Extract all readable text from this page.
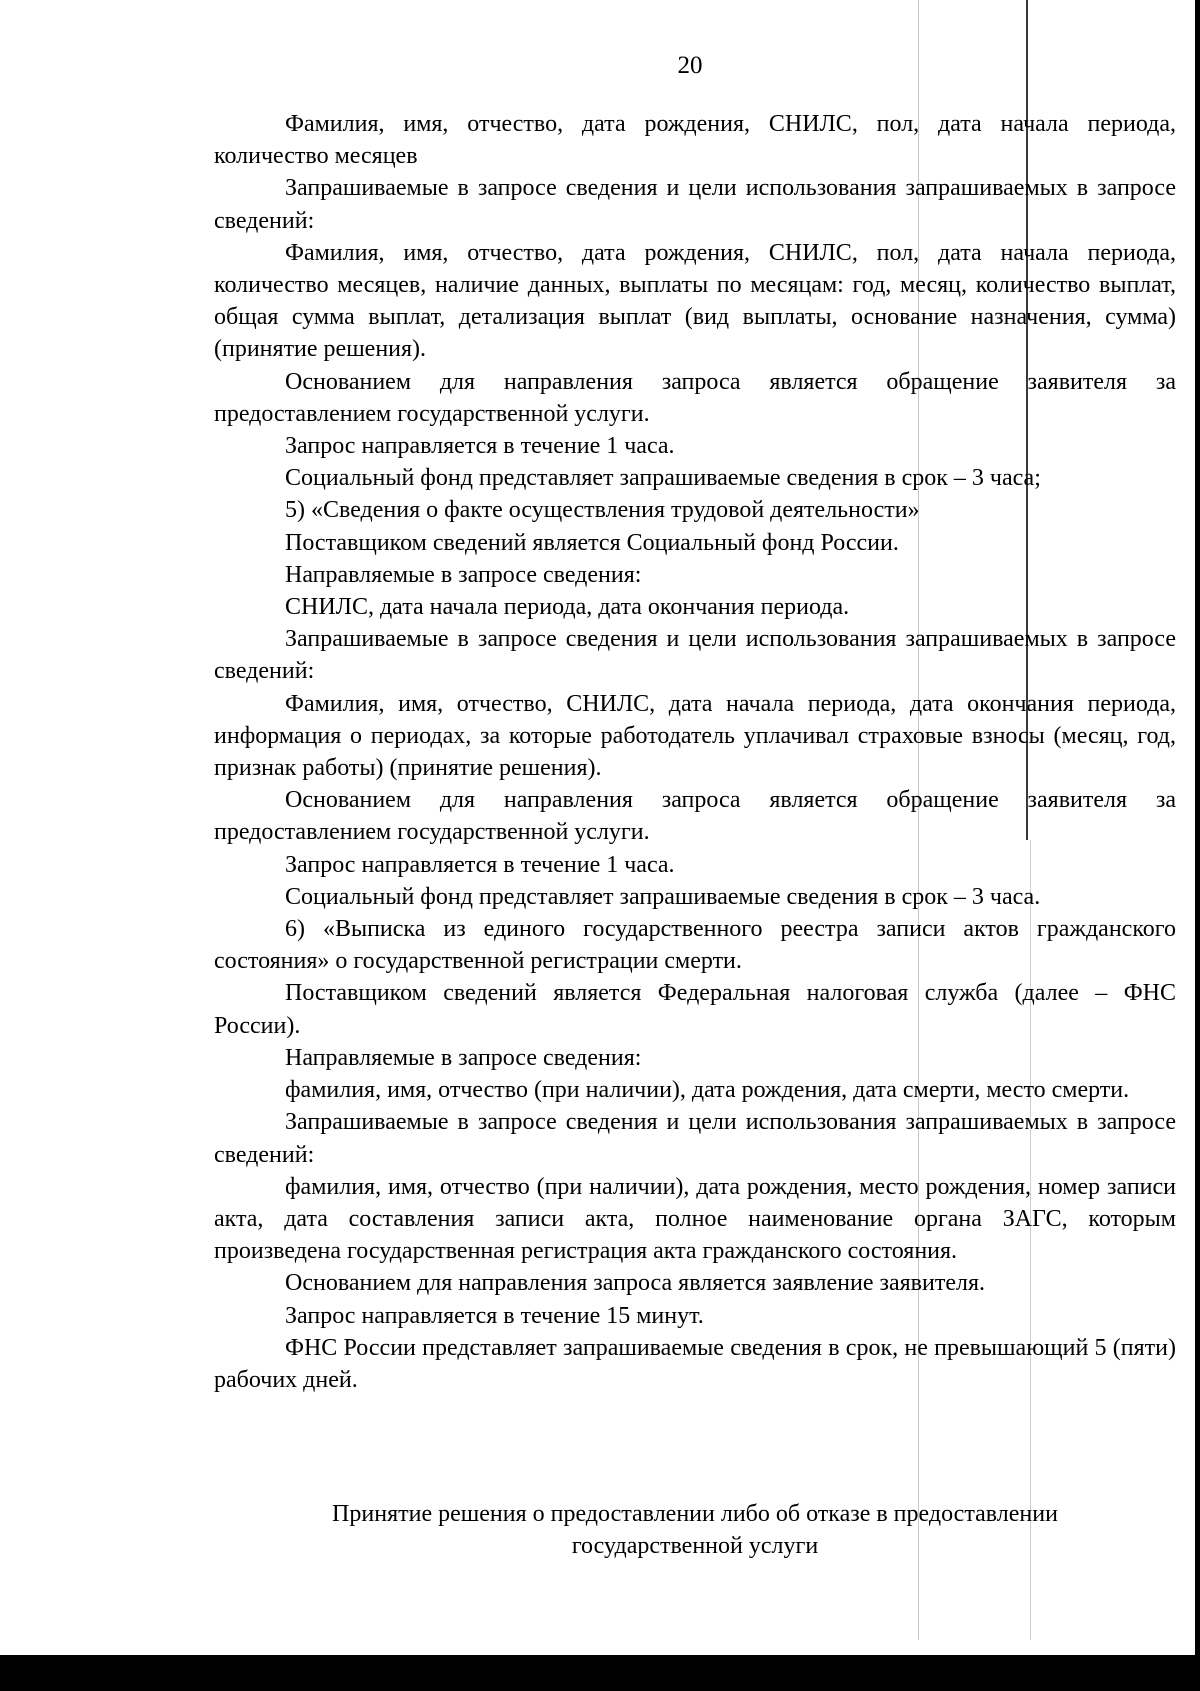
20

Фамилия, имя, отчество, дата рождения, СНИЛС, пол, дата начала периода, количество месяцев

Запрашиваемые в запросе сведения и цели использования запрашиваемых в запросе сведений:

Фамилия, имя, отчество, дата рождения, СНИЛС, пол, дата начала периода, количество месяцев, наличие данных, выплаты по месяцам: год, месяц, количество выплат, общая сумма выплат, детализация выплат (вид выплаты, основание назначения, сумма) (принятие решения).

Основанием для направления запроса является обращение заявителя за предоставлением государственной услуги.

Запрос направляется в течение 1 часа.

Социальный фонд представляет запрашиваемые сведения в срок – 3 часа;

5) «Сведения о факте осуществления трудовой деятельности»

Поставщиком сведений является Социальный фонд России.

Направляемые в запросе сведения:

СНИЛС, дата начала периода, дата окончания периода.

Запрашиваемые в запросе сведения и цели использования запрашиваемых в запросе сведений:

Фамилия, имя, отчество, СНИЛС, дата начала периода, дата окончания периода, информация о периодах, за которые работодатель уплачивал страховые взносы (месяц, год, признак работы) (принятие решения).

Основанием для направления запроса является обращение заявителя за предоставлением государственной услуги.

Запрос направляется в течение 1 часа.

Социальный фонд представляет запрашиваемые сведения в срок – 3 часа.

6) «Выписка из единого государственного реестра записи актов гражданского состояния» о государственной регистрации смерти.

Поставщиком сведений является Федеральная налоговая служба (далее – ФНС России).

Направляемые в запросе сведения:

фамилия, имя, отчество (при наличии), дата рождения, дата смерти, место смерти.

Запрашиваемые в запросе сведения и цели использования запрашиваемых в запросе сведений:

фамилия, имя, отчество (при наличии), дата рождения, место рождения, номер записи акта, дата составления записи акта, полное наименование органа ЗАГС, которым произведена государственная регистрация акта гражданского состояния.

Основанием для направления запроса является заявление заявителя.

Запрос направляется в течение 15 минут.

ФНС России представляет запрашиваемые сведения в срок, не превышающий 5 (пяти) рабочих дней.

Принятие решения о предоставлении либо об отказе в предоставлении
государственной услуги
